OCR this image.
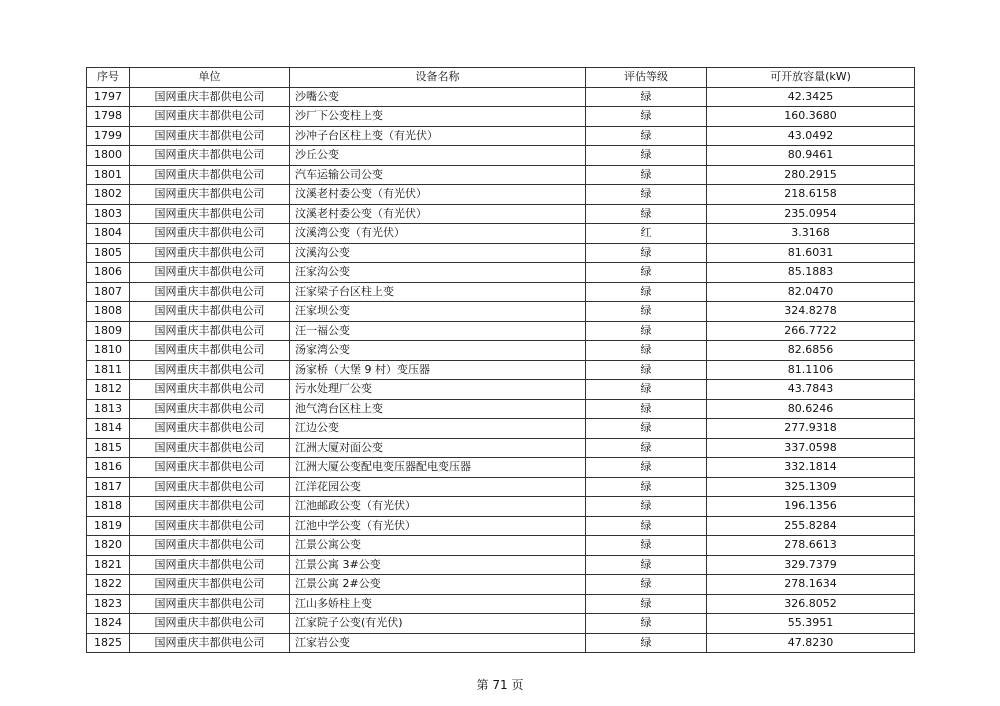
序号	单位	设备名称	评估等级	可开放容量(kW)
1797	国网重庆丰都供电公司	沙嘴公变	绿	42.3425
1798	国网重庆丰都供电公司	沙厂下公变柱上变	绿	160.3680
1799	国网重庆丰都供电公司	沙冲子台区柱上变（有光伏）	绿	43.0492
1800	国网重庆丰都供电公司	沙丘公变	绿	80.9461
1801	国网重庆丰都供电公司	汽车运输公司公变	绿	280.2915
1802	国网重庆丰都供电公司	汶溪老村委公变（有光伏）	绿	218.6158
1803	国网重庆丰都供电公司	汶溪老村委公变（有光伏）	绿	235.0954
1804	国网重庆丰都供电公司	汶溪湾公变（有光伏）	红	3.3168
1805	国网重庆丰都供电公司	汶溪沟公变	绿	81.6031
1806	国网重庆丰都供电公司	汪家沟公变	绿	85.1883
1807	国网重庆丰都供电公司	汪家梁子台区柱上变	绿	82.0470
1808	国网重庆丰都供电公司	汪家坝公变	绿	324.8278
1809	国网重庆丰都供电公司	汪一福公变	绿	266.7722
1810	国网重庆丰都供电公司	汤家湾公变	绿	82.6856
1811	国网重庆丰都供电公司	汤家桥（大堡 9 村）变压器	绿	81.1106
1812	国网重庆丰都供电公司	污水处理厂公变	绿	43.7843
1813	国网重庆丰都供电公司	池气湾台区柱上变	绿	80.6246
1814	国网重庆丰都供电公司	江边公变	绿	277.9318
1815	国网重庆丰都供电公司	江洲大厦对面公变	绿	337.0598
1816	国网重庆丰都供电公司	江洲大厦公变配电变压器配电变压器	绿	332.1814
1817	国网重庆丰都供电公司	江洋花园公变	绿	325.1309
1818	国网重庆丰都供电公司	江池邮政公变（有光伏）	绿	196.1356
1819	国网重庆丰都供电公司	江池中学公变（有光伏）	绿	255.8284
1820	国网重庆丰都供电公司	江景公寓公变	绿	278.6613
1821	国网重庆丰都供电公司	江景公寓 3#公变	绿	329.7379
1822	国网重庆丰都供电公司	江景公寓 2#公变	绿	278.1634
1823	国网重庆丰都供电公司	江山多娇柱上变	绿	326.8052
1824	国网重庆丰都供电公司	江家院子公变(有光伏)	绿	55.3951
1825	国网重庆丰都供电公司	江家岩公变	绿	47.8230
第 71 页
